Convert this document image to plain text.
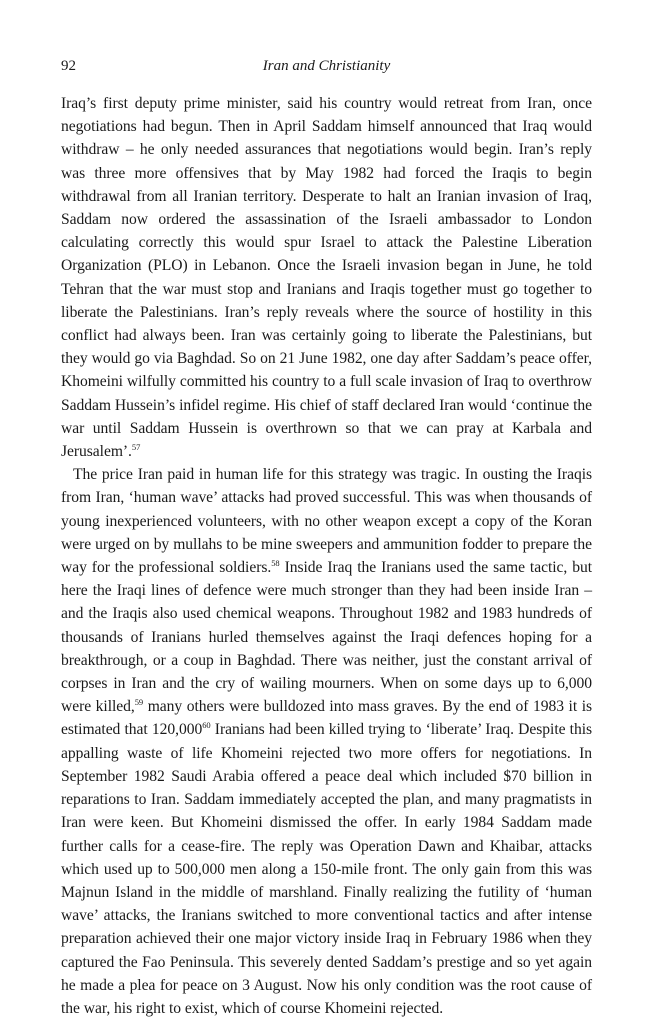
92	Iran and Christianity

Iraq’s first deputy prime minister, said his country would retreat from Iran, once negotiations had begun. Then in April Saddam himself announced that Iraq would withdraw – he only needed assurances that negotiations would begin. Iran’s reply was three more offensives that by May 1982 had forced the Iraqis to begin withdrawal from all Iranian territory. Desperate to halt an Iranian invasion of Iraq, Saddam now ordered the assassination of the Israeli ambassador to London calculating correctly this would spur Israel to attack the Palestine Liberation Organization (PLO) in Lebanon. Once the Israeli invasion began in June, he told Tehran that the war must stop and Iranians and Iraqis together must go together to liberate the Palestinians. Iran’s reply reveals where the source of hostility in this conflict had always been. Iran was certainly going to liberate the Palestinians, but they would go via Baghdad. So on 21 June 1982, one day after Saddam’s peace offer, Khomeini wilfully committed his country to a full scale invasion of Iraq to overthrow Saddam Hussein’s infidel regime. His chief of staff declared Iran would ‘continue the war until Saddam Hussein is overthrown so that we can pray at Karbala and Jerusalem’.$^{57}$

The price Iran paid in human life for this strategy was tragic. In ousting the Iraqis from Iran, ‘human wave’ attacks had proved successful. This was when thousands of young inexperienced volunteers, with no other weapon except a copy of the Koran were urged on by mullahs to be mine sweepers and ammunition fodder to prepare the way for the professional soldiers.$^{58}$ Inside Iraq the Iranians used the same tactic, but here the Iraqi lines of defence were much stronger than they had been inside Iran – and the Iraqis also used chemical weapons. Throughout 1982 and 1983 hundreds of thousands of Iranians hurled themselves against the Iraqi defences hoping for a breakthrough, or a coup in Baghdad. There was neither, just the constant arrival of corpses in Iran and the cry of wailing mourners. When on some days up to 6,000 were killed,$^{59}$ many others were bulldozed into mass graves. By the end of 1983 it is estimated that 120,000$^{60}$ Iranians had been killed trying to ‘liberate’ Iraq. Despite this appalling waste of life Khomeini rejected two more offers for negotiations. In September 1982 Saudi Arabia offered a peace deal which included $70 billion in reparations to Iran. Saddam immediately accepted the plan, and many pragmatists in Iran were keen. But Khomeini dismissed the offer. In early 1984 Saddam made further calls for a cease-fire. The reply was Operation Dawn and Khaibar, attacks which used up to 500,000 men along a 150-mile front. The only gain from this was Majnun Island in the middle of marshland. Finally realizing the futility of ‘human wave’ attacks, the Iranians switched to more conventional tactics and after intense preparation achieved their one major victory inside Iraq in February 1986 when they captured the Fao Peninsula. This severely dented Saddam’s prestige and so yet again he made a plea for peace on 3 August. Now his only condition was the root cause of the war, his right to exist, which of course Khomeini rejected.
